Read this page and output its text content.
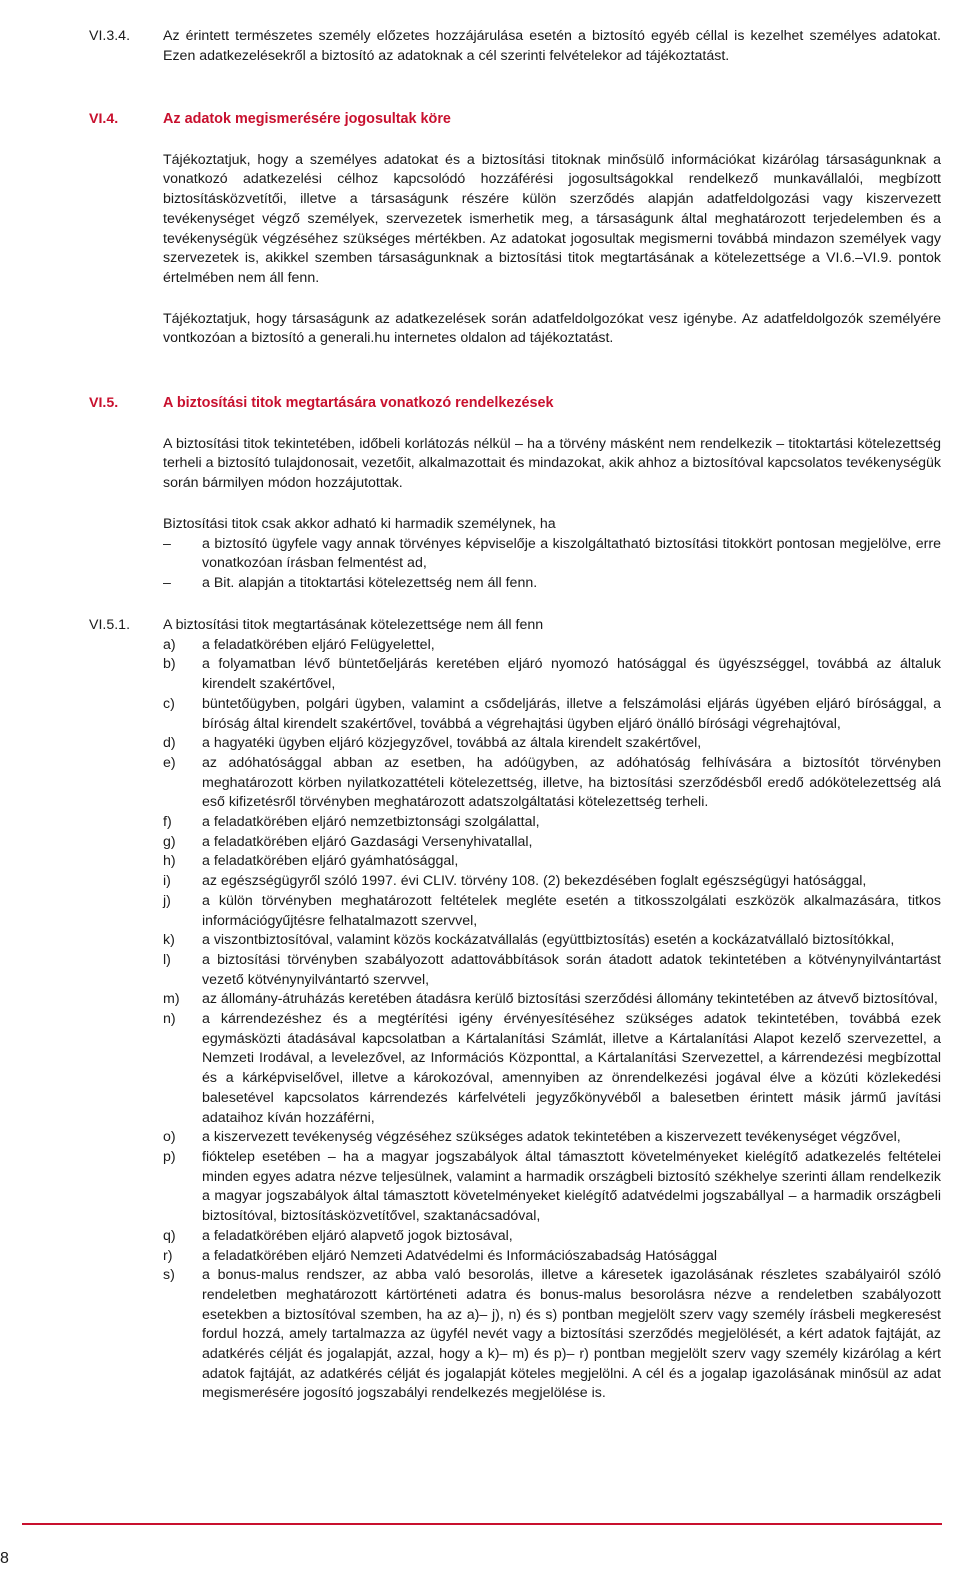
VI.3.4. Az érintett természetes személy előzetes hozzájárulása esetén a biztosító egyéb céllal is kezelhet személyes adatokat. Ezen adatkezelésekről a biztosító az adatoknak a cél szerinti felvételekor ad tájékoztatást.

VI.4.	Az adatok megismerésére jogosultak köre

Tájékoztatjuk, hogy a személyes adatokat és a biztosítási titoknak minősülő információkat kizárólag társaságunknak a vonatkozó adatkezelési célhoz kapcsolódó hozzáférési jogosultságokkal rendelkező munkavállalói, megbízott biztosításközvetítői, illetve a társaságunk részére külön szerződés alapján adatfeldolgozási vagy kiszervezett tevékenységet végző személyek, szervezetek ismerhetik meg, a társaságunk által meghatározott terjedelemben és a tevékenységük végzéséhez szükséges mértékben. Az adatokat jogosultak megismerni továbbá mindazon személyek vagy szervezetek is, akikkel szemben társaságunknak a biztosítási titok megtartásának a kötelezettsége a VI.6.–VI.9. pontok értelmében nem áll fenn.

Tájékoztatjuk, hogy társaságunk az adatkezelések során adatfeldolgozókat vesz igénybe. Az adatfeldolgozók személyére vontkozóan a biztosító a generali.hu internetes oldalon ad tájékoztatást.

VI.5.	A biztosítási titok megtartására vonatkozó rendelkezések

A biztosítási titok tekintetében, időbeli korlátozás nélkül – ha a törvény másként nem rendelkezik – titoktartási kötelezettség terheli a biztosító tulajdonosait, vezetőit, alkalmazottait és mindazokat, akik ahhoz a biztosítóval kapcsolatos tevékenységük során bármilyen módon hozzájutottak.

Biztosítási titok csak akkor adható ki harmadik személynek, ha

– a biztosító ügyfele vagy annak törvényes képviselője a kiszolgáltatható biztosítási titokkört pontosan megjelölve, erre vonatkozóan írásban felmentést ad,
– a Bit. alapján a titoktartási kötelezettség nem áll fenn.
VI.5.1. A biztosítási titok megtartásának kötelezettsége nem áll fenn

a) a feladatkörében eljáró Felügyelettel,
b) a folyamatban lévő büntetőeljárás keretében eljáró nyomozó hatósággal és ügyészséggel, továbbá az általuk kirendelt szakértővel,
c) büntetőügyben, polgári ügyben, valamint a csődeljárás, illetve a felszámolási eljárás ügyében eljáró bírósággal, a bíróság által kirendelt szakértővel, továbbá a végrehajtási ügyben eljáró önálló bírósági végrehajtóval,
d) a hagyatéki ügyben eljáró közjegyzővel, továbbá az általa kirendelt szakértővel,
e) az adóhatósággal abban az esetben, ha adóügyben, az adóhatóság felhívására a biztosítót törvényben meghatározott körben nyilatkozattételi kötelezettség, illetve, ha biztosítási szerződésből eredő adókötelezettség alá eső kifizetésről törvényben meghatározott adatszolgáltatási kötelezettség terheli.
f) a feladatkörében eljáró nemzetbiztonsági szolgálattal,
g) a feladatkörében eljáró Gazdasági Versenyhivatallal,
h) a feladatkörében eljáró gyámhatósággal,
i) az egészségügyről szóló 1997. évi CLIV. törvény 108. (2) bekezdésében foglalt egészségügyi hatósággal,
j) a külön törvényben meghatározott feltételek megléte esetén a titkosszolgálati eszközök alkalmazására, titkos információgyűjtésre felhatalmazott szervvel,
k) a viszontbiztosítóval, valamint közös kockázatvállalás (együttbiztosítás) esetén a kockázatvállaló biztosítókkal,
l) a biztosítási törvényben szabályozott adattovábbítások során átadott adatok tekintetében a kötvénynyilvántartást vezető kötvénynyilvántartó szervvel,
m) az állomány-átruházás keretében átadásra kerülő biztosítási szerződési állomány tekintetében az átvevő biztosítóval,
n) a kárrendezéshez és a megtérítési igény érvényesítéséhez szükséges adatok tekintetében, továbbá ezek egymásközti átadásával kapcsolatban a Kártalanítási Számlát, illetve a Kártalanítási Alapot kezelő szervezettel, a Nemzeti Irodával, a levelezővel, az Információs Központtal, a Kártalanítási Szervezettel, a kárrendezési megbízottal és a kárképviselővel, illetve a károkozóval, amennyiben az önrendelkezési jogával élve a közúti közlekedési balesetével kapcsolatos kárrendezés kárfelvételi jegyzőkönyvéből a balesetben érintett másik jármű javítási adataihoz kíván hozzáférni,
o) a kiszervezett tevékenység végzéséhez szükséges adatok tekintetében a kiszervezett tevékenységet végzővel,
p) fióktelep esetében – ha a magyar jogszabályok által támasztott követelményeket kielégítő adatkezelés feltételei minden egyes adatra nézve teljesülnek, valamint a harmadik országbeli biztosító székhelye szerinti állam rendelkezik a magyar jogszabályok által támasztott követelményeket kielégítő adatvédelmi jogszabállyal – a harmadik országbeli biztosítóval, biztosításközvetítővel, szaktanácsadóval,
q) a feladatkörében eljáró alapvető jogok biztosával,
r) a feladatkörében eljáró Nemzeti Adatvédelmi és Információszabadság Hatósággal
s) a bonus-malus rendszer, az abba való besorolás, illetve a káresetek igazolásának részletes szabályairól szóló rendeletben meghatározott kártörténeti adatra és bonus-malus besorolásra nézve a rendeletben szabályozott esetekben a biztosítóval szemben, ha az a)– j), n) és s) pontban megjelölt szerv vagy személy írásbeli megkeresést fordul hozzá, amely tartalmazza az ügyfél nevét vagy a biztosítási szerződés megjelölését, a kért adatok fajtáját, az adatkérés célját és jogalapját, azzal, hogy a k)– m) és p)– r) pontban megjelölt szerv vagy személy kizárólag a kért adatok fajtáját, az adatkérés célját és jogalapját köteles megjelölni. A cél és a jogalap igazolásának minősül az adat megismerésére jogosító jogszabályi rendelkezés megjelölése is.
8
